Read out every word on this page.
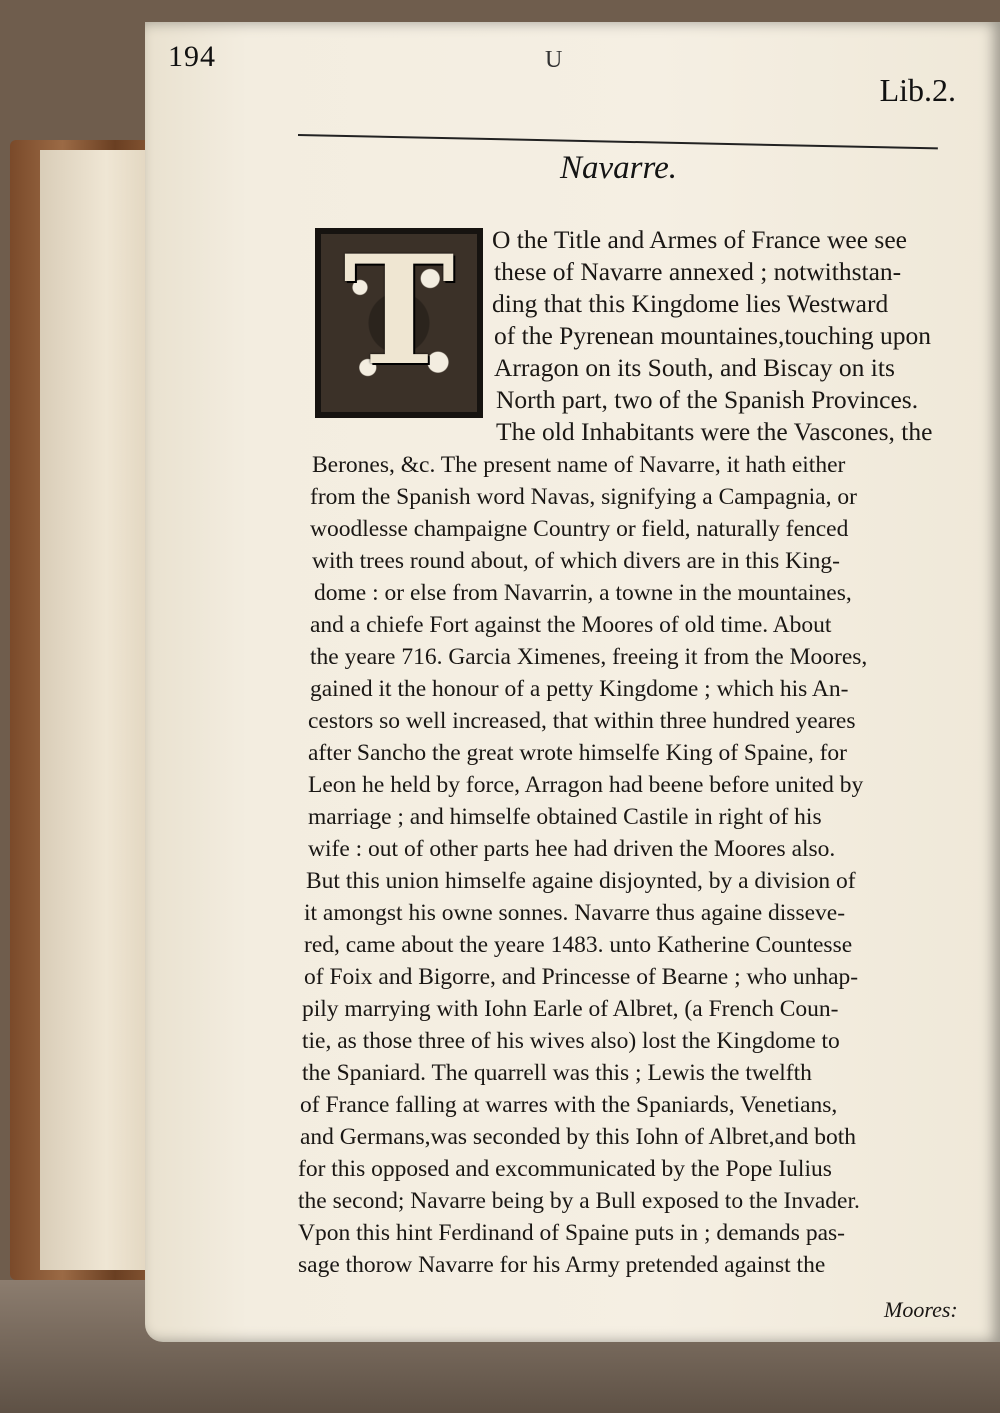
194	U

Lib.2.

Navarre.

T	O the Title and Armes of France wee see

these of Navarre annexed ; notwithstan-

ding that this Kingdome lies Westward

of the Pyrenean mountaines,touching upon

Arragon on its South, and Biscay on its

North part, two of the Spanish Provinces.

The old Inhabitants were the Vascones, the

Berones, &c. The present name of Navarre, it hath either

from the Spanish word Navas, signifying a Campagnia, or

woodlesse champaigne Country or field, naturally fenced

with trees round about, of which divers are in this King-

dome : or else from Navarrin, a towne in the mountaines,

and a chiefe Fort against the Moores of old time. About

the yeare 716. Garcia Ximenes, freeing it from the Moores,

gained it the honour of a petty Kingdome ; which his An-

cestors so well increased, that within three hundred yeares

after Sancho the great wrote himselfe King of Spaine, for

Leon he held by force, Arragon had beene before united by

marriage ; and himselfe obtained Castile in right of his

wife : out of other parts hee had driven the Moores also.

But this union himselfe againe disjoynted, by a division of

it amongst his owne sonnes. Navarre thus againe disseve-

red, came about the yeare 1483. unto Katherine Countesse

of Foix and Bigorre, and Princesse of Bearne ; who unhap-

pily marrying with Iohn Earle of Albret, (a French Coun-

tie, as those three of his wives also) lost the Kingdome to

the Spaniard. The quarrell was this ; Lewis the twelfth

of France falling at warres with the Spaniards, Venetians,

and Germans,was seconded by this Iohn of Albret,and both

for this opposed and excommunicated by the Pope Iulius

the second; Navarre being by a Bull exposed to the Invader.

Vpon this hint Ferdinand of Spaine puts in ; demands pas-

sage thorow Navarre for his Army pretended against the

Moores:
